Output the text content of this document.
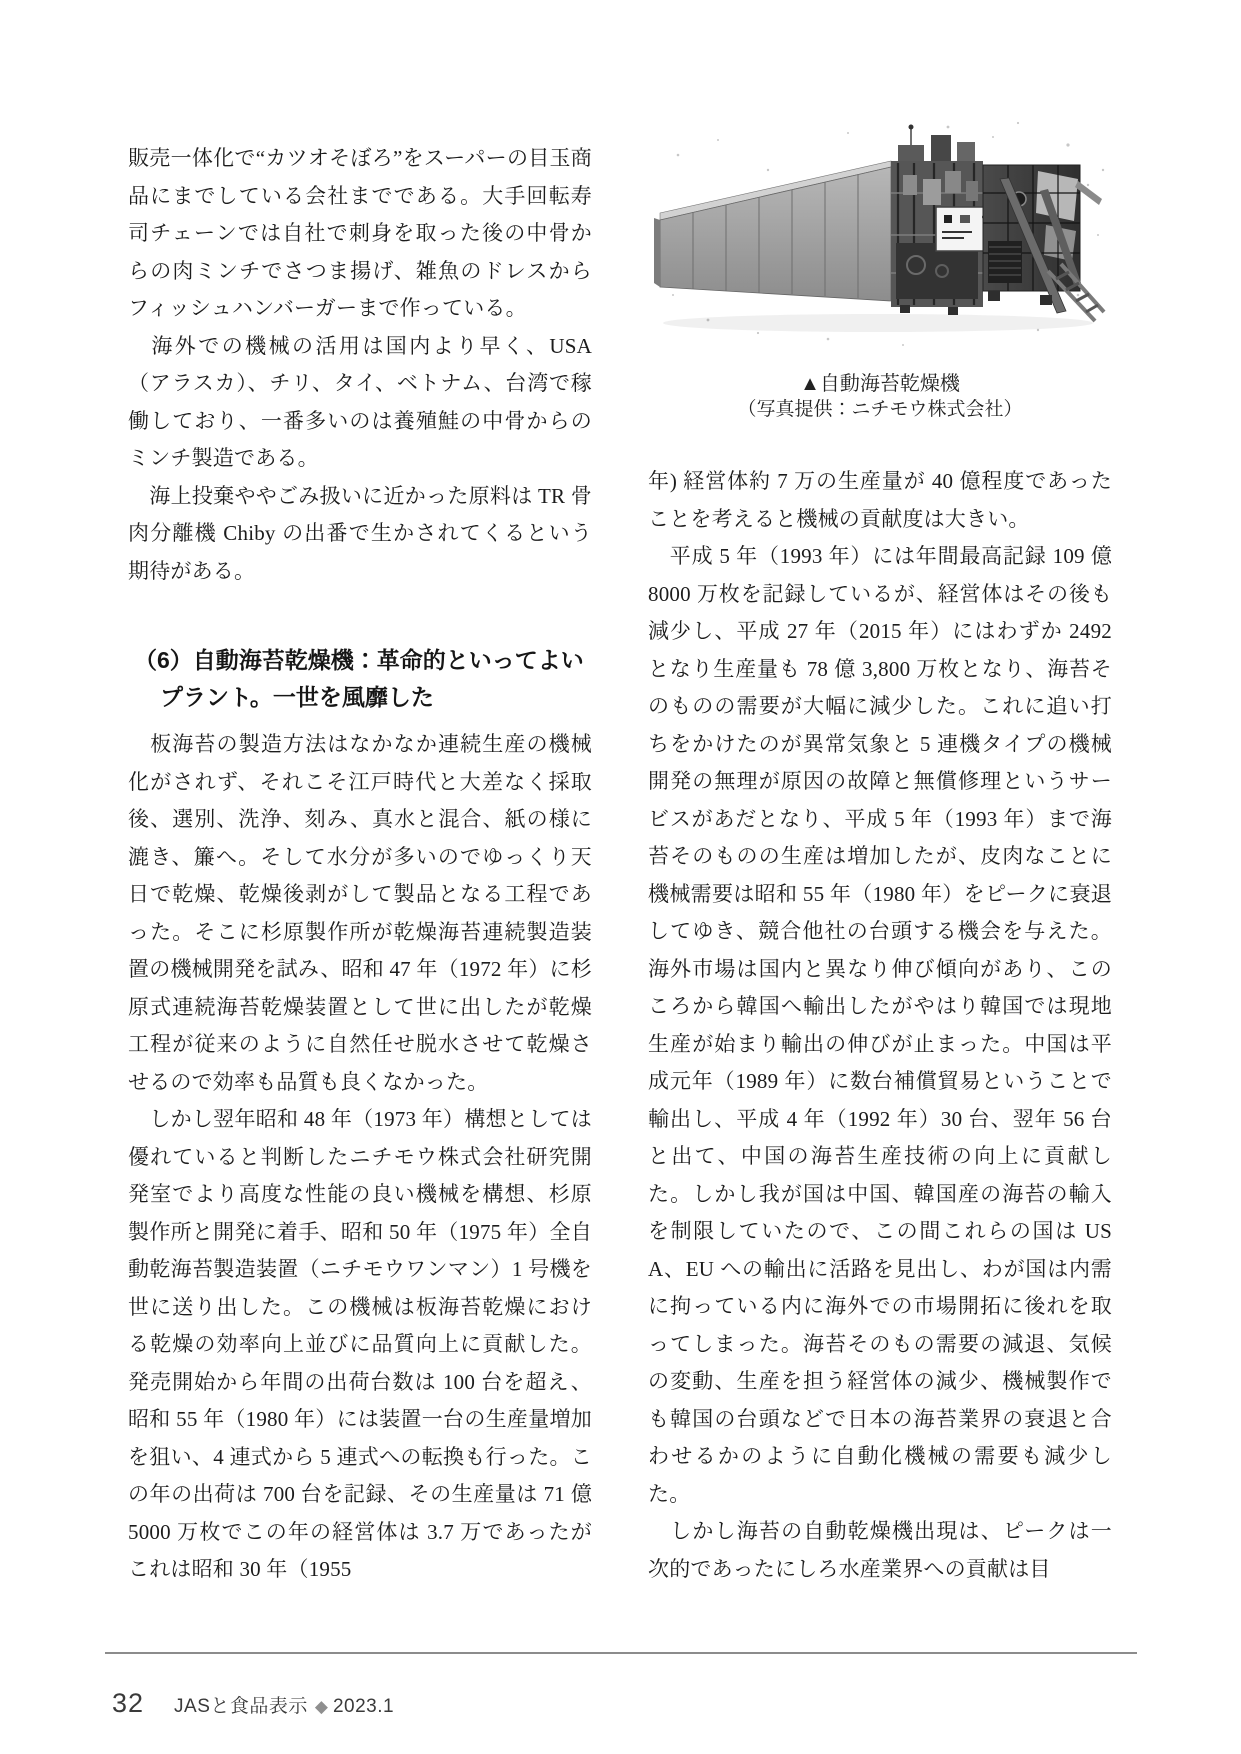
販売一体化で“カツオそぼろ”をスーパーの目玉商品にまでしている会社までである。大手回転寿司チェーンでは自社で刺身を取った後の中骨からの肉ミンチでさつま揚げ、雑魚のドレスからフィッシュハンバーガーまで作っている。

　海外での機械の活用は国内より早く、USA（アラスカ）、チリ、タイ、ベトナム、台湾で稼働しており、一番多いのは養殖鮭の中骨からのミンチ製造である。

　海上投棄ややごみ扱いに近かった原料は TR 骨肉分離機 Chiby の出番で生かされてくるという期待がある。

（6）自動海苔乾燥機：革命的といってよい
プラント。一世を風靡した

　板海苔の製造方法はなかなか連続生産の機械化がされず、それこそ江戸時代と大差なく採取後、選別、洗浄、刻み、真水と混合、紙の様に漉き、簾へ。そして水分が多いのでゆっくり天日で乾燥、乾燥後剥がして製品となる工程であった。そこに杉原製作所が乾燥海苔連続製造装置の機械開発を試み、昭和 47 年（1972 年）に杉原式連続海苔乾燥装置として世に出したが乾燥工程が従来のように自然任せ脱水させて乾燥させるので効率も品質も良くなかった。

　しかし翌年昭和 48 年（1973 年）構想としては優れていると判断したニチモウ株式会社研究開発室でより高度な性能の良い機械を構想、杉原製作所と開発に着手、昭和 50 年（1975 年）全自動乾海苔製造装置（ニチモウワンマン）1 号機を世に送り出した。この機械は板海苔乾燥における乾燥の効率向上並びに品質向上に貢献した。発売開始から年間の出荷台数は 100 台を超え、昭和 55 年（1980 年）には装置一台の生産量増加を狙い、4 連式から 5 連式への転換も行った。この年の出荷は 700 台を記録、その生産量は 71 億 5000 万枚でこの年の経営体は 3.7 万であったがこれは昭和 30 年（1955

▲自動海苔乾燥機
（写真提供：ニチモウ株式会社）

年) 経営体約 7 万の生産量が 40 億程度であったことを考えると機械の貢献度は大きい。

　平成 5 年（1993 年）には年間最高記録 109 億 8000 万枚を記録しているが、経営体はその後も減少し、平成 27 年（2015 年）にはわずか 2492 となり生産量も 78 億 3,800 万枚となり、海苔そのものの需要が大幅に減少した。これに追い打ちをかけたのが異常気象と 5 連機タイプの機械開発の無理が原因の故障と無償修理というサービスがあだとなり、平成 5 年（1993 年）まで海苔そのものの生産は増加したが、皮肉なことに機械需要は昭和 55 年（1980 年）をピークに衰退してゆき、競合他社の台頭する機会を与えた。海外市場は国内と異なり伸び傾向があり、このころから韓国へ輸出したがやはり韓国では現地生産が始まり輸出の伸びが止まった。中国は平成元年（1989 年）に数台補償貿易ということで輸出し、平成 4 年（1992 年）30 台、翌年 56 台と出て、中国の海苔生産技術の向上に貢献した。しかし我が国は中国、韓国産の海苔の輸入を制限していたので、この間これらの国は USA、EU への輸出に活路を見出し、わが国は内需に拘っている内に海外での市場開拓に後れを取ってしまった。海苔そのもの需要の減退、気候の変動、生産を担う経営体の減少、機械製作でも韓国の台頭などで日本の海苔業界の衰退と合わせるかのように自動化機械の需要も減少した。

　しかし海苔の自動乾燥機出現は、ピークは一次的であったにしろ水産業界への貢献は目

32 JASと食品表示 ◆ 2023.1
